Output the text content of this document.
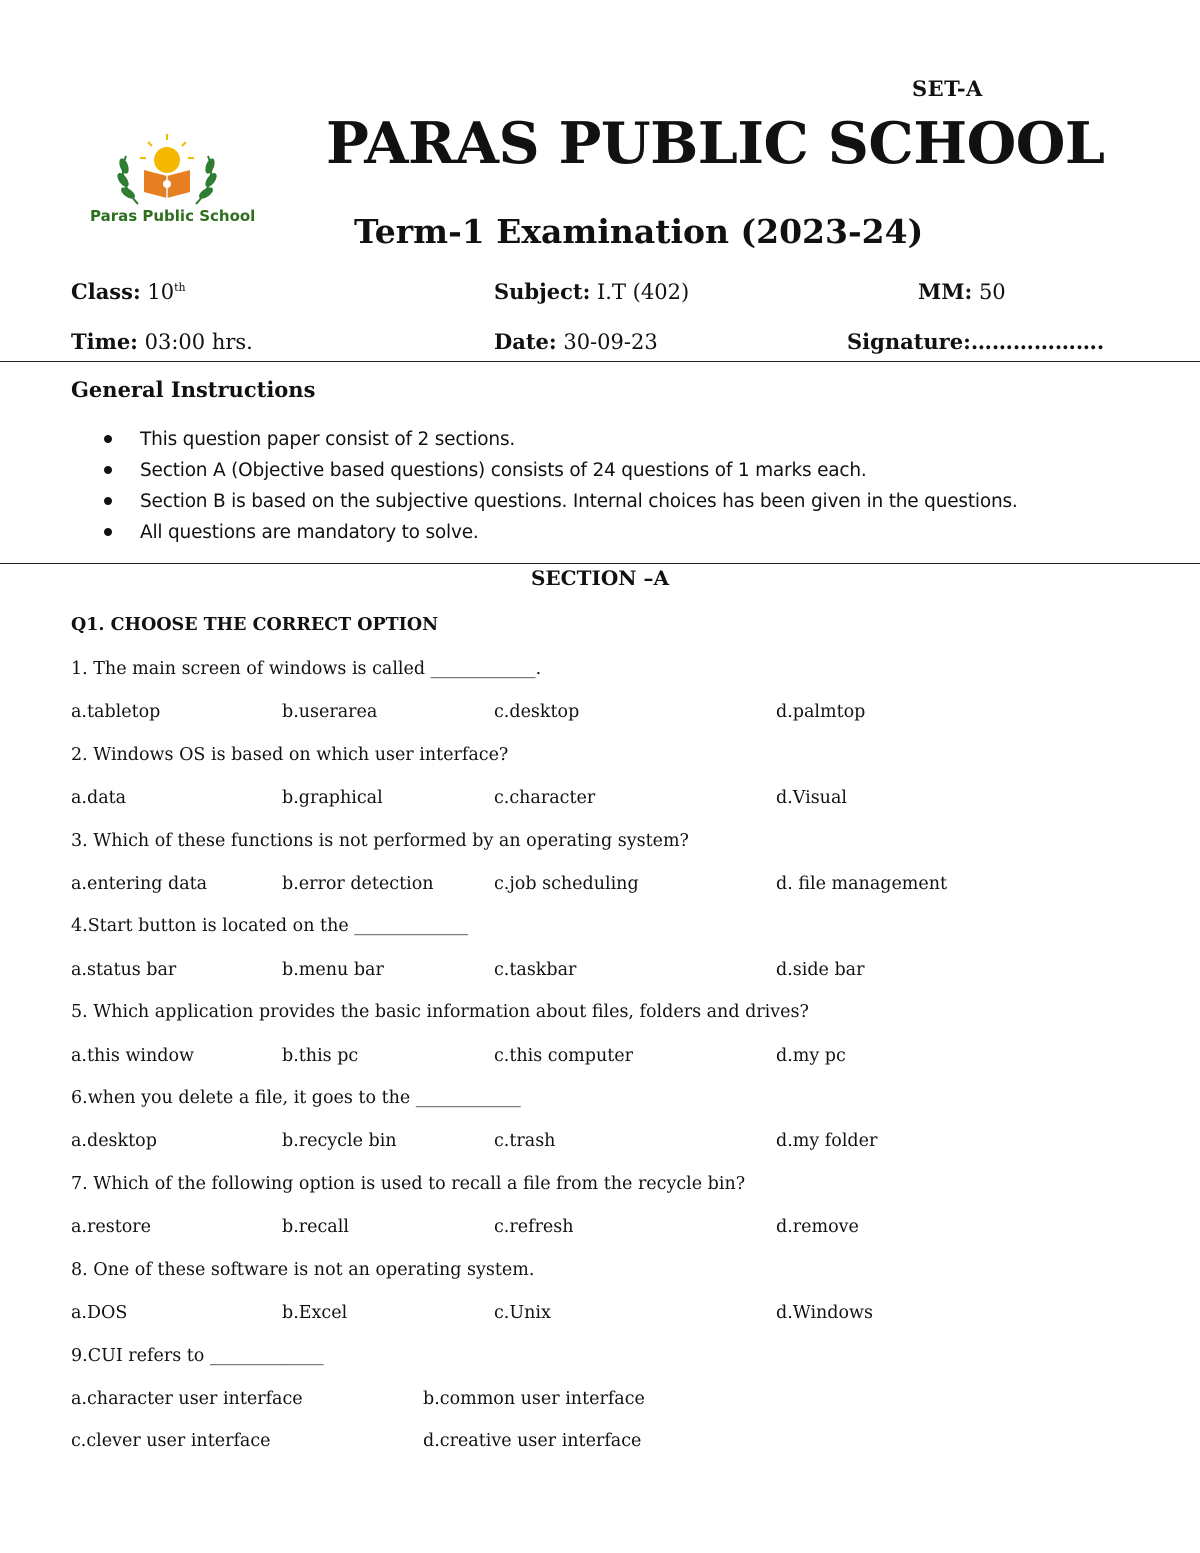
SET-A
Paras Public School
PARAS PUBLIC SCHOOL
Term-1 Examination (2023-24)
Class: 10th	Subject: I.T (402)	MM: 50
Time: 03:00 hrs.	Date: 30-09-23	Signature:……………….
General Instructions
This question paper consist of 2 sections.
Section A (Objective based questions) consists of 24 questions of 1 marks each.
Section B is based on the subjective questions. Internal choices has been given in the questions.
All questions are mandatory to solve.
SECTION –A
Q1. CHOOSE THE CORRECT OPTION
1. The main screen of windows is called ____________.
a.tabletop	b.userarea	c.desktop	d.palmtop
2. Windows OS is based on which user interface?
a.data	b.graphical	c.character	d.Visual
3. Which of these functions is not performed by an operating system?
a.entering data	b.error detection	c.job scheduling	d. file management
4.Start button is located on the _____________
a.status bar	b.menu bar	c.taskbar	d.side bar
5. Which application provides the basic information about files, folders and drives?
a.this window	b.this pc	c.this computer	d.my pc
6.when you delete a file, it goes to the ____________
a.desktop	b.recycle bin	c.trash	d.my folder
7. Which of the following option is used to recall a file from the recycle bin?
a.restore	b.recall	c.refresh	d.remove
8. One of these software is not an operating system.
a.DOS	b.Excel	c.Unix	d.Windows
9.CUI refers to _____________
a.character user interface	b.common user interface
c.clever user interface	d.creative user interface
